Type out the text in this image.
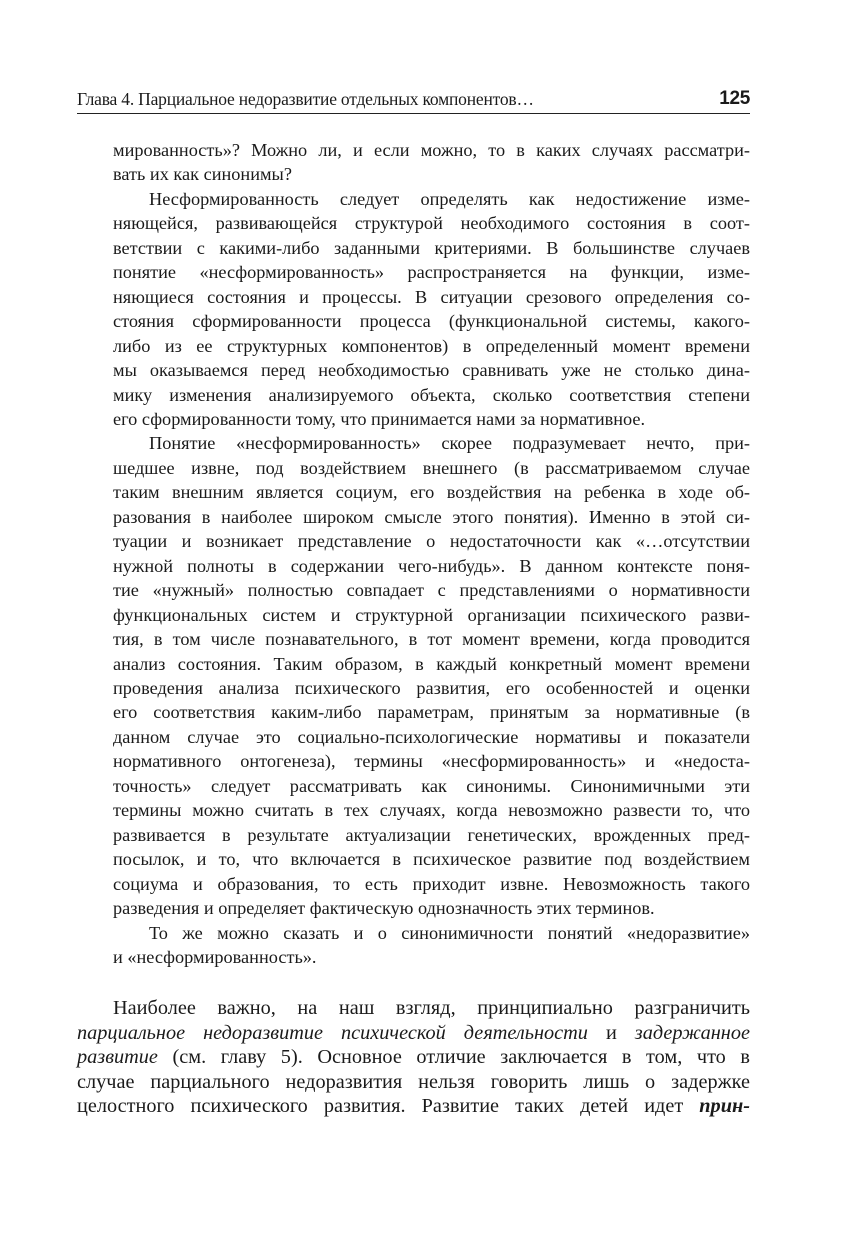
Глава 4. Парциальное недоразвитие отдельных компонентов…	125

мированность»? Можно ли, и если можно, то в каких случаях рассматри-
вать их как синонимы?

Несформированность следует определять как недостижение изме-
няющейся, развивающейся структурой необходимого состояния в соот-
ветствии с какими-либо заданными критериями. В большинстве случаев
понятие «несформированность» распространяется на функции, изме-
няющиеся состояния и процессы. В ситуации срезового определения со-
стояния сформированности процесса (функциональной системы, какого-
либо из ее структурных компонентов) в определенный момент времени
мы оказываемся перед необходимостью сравнивать уже не столько дина-
мику изменения анализируемого объекта, сколько соответствия степени
его сформированности тому, что принимается нами за нормативное.

Понятие «несформированность» скорее подразумевает нечто, при-
шедшее извне, под воздействием внешнего (в рассматриваемом случае
таким внешним является социум, его воздействия на ребенка в ходе об-
разования в наиболее широком смысле этого понятия). Именно в этой си-
туации и возникает представление о недостаточности как «…отсутствии
нужной полноты в содержании чего-нибудь». В данном контексте поня-
тие «нужный» полностью совпадает с представлениями о нормативности
функциональных систем и структурной организации психического разви-
тия, в том числе познавательного, в тот момент времени, когда проводится
анализ состояния. Таким образом, в каждый конкретный момент времени
проведения анализа психического развития, его особенностей и оценки
его соответствия каким-либо параметрам, принятым за нормативные (в
данном случае это социально-психологические нормативы и показатели
нормативного онтогенеза), термины «несформированность» и «недоста-
точность» следует рассматривать как синонимы. Синонимичными эти
термины можно считать в тех случаях, когда невозможно развести то, что
развивается в результате актуализации генетических, врожденных пред-
посылок, и то, что включается в психическое развитие под воздействием
социума и образования, то есть приходит извне. Невозможность такого
разведения и определяет фактическую однозначность этих терминов.

То же можно сказать и о синонимичности понятий «недоразвитие»
и «несформированность».

Наиболее важно, на наш взгляд, принципиально разграничить
парциальное недоразвитие психической деятельности и задержанное
развитие (см. главу 5). Основное отличие заключается в том, что в
случае парциального недоразвития нельзя говорить лишь о задержке
целостного психического развития. Развитие таких детей идет прин-
